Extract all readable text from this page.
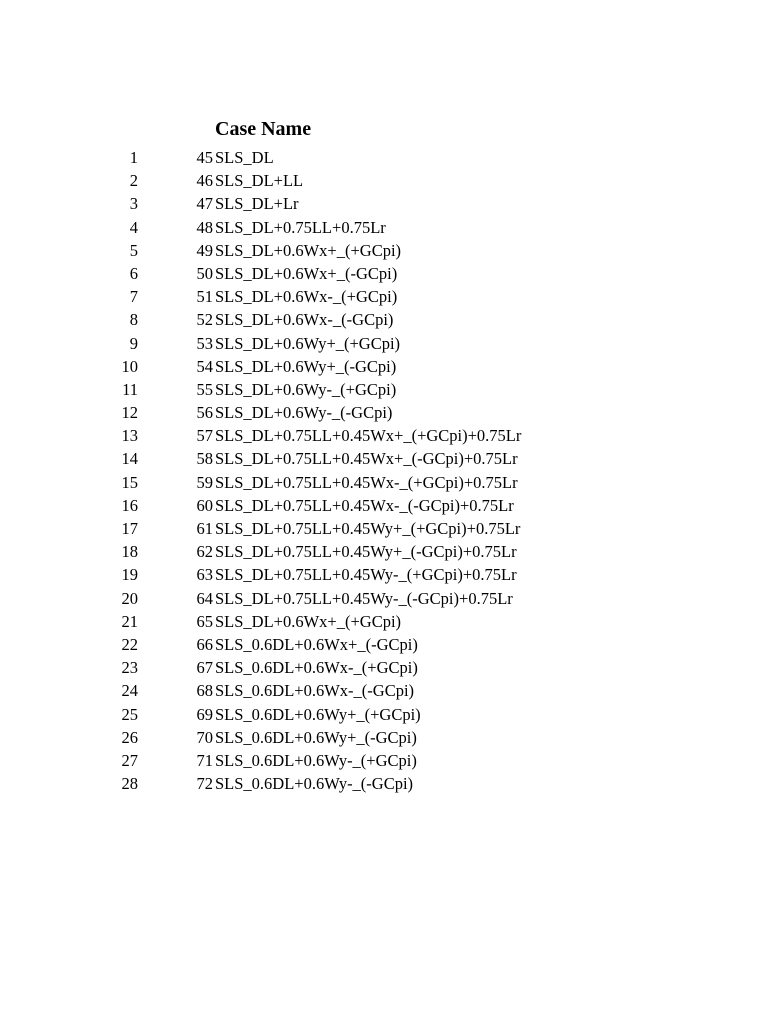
Case Name
1	45 SLS_DL
2	46 SLS_DL+LL
3	47 SLS_DL+Lr
4	48 SLS_DL+0.75LL+0.75Lr
5	49 SLS_DL+0.6Wx+_(+GCpi)
6	50 SLS_DL+0.6Wx+_(-GCpi)
7	51 SLS_DL+0.6Wx-_(+GCpi)
8	52 SLS_DL+0.6Wx-_(-GCpi)
9	53 SLS_DL+0.6Wy+_(+GCpi)
10	54 SLS_DL+0.6Wy+_(-GCpi)
11	55 SLS_DL+0.6Wy-_(+GCpi)
12	56 SLS_DL+0.6Wy-_(-GCpi)
13	57 SLS_DL+0.75LL+0.45Wx+_(+GCpi)+0.75Lr
14	58 SLS_DL+0.75LL+0.45Wx+_(-GCpi)+0.75Lr
15	59 SLS_DL+0.75LL+0.45Wx-_(+GCpi)+0.75Lr
16	60 SLS_DL+0.75LL+0.45Wx-_(-GCpi)+0.75Lr
17	61 SLS_DL+0.75LL+0.45Wy+_(+GCpi)+0.75Lr
18	62 SLS_DL+0.75LL+0.45Wy+_(-GCpi)+0.75Lr
19	63 SLS_DL+0.75LL+0.45Wy-_(+GCpi)+0.75Lr
20	64 SLS_DL+0.75LL+0.45Wy-_(-GCpi)+0.75Lr
21	65 SLS_DL+0.6Wx+_(+GCpi)
22	66 SLS_0.6DL+0.6Wx+_(-GCpi)
23	67 SLS_0.6DL+0.6Wx-_(+GCpi)
24	68 SLS_0.6DL+0.6Wx-_(-GCpi)
25	69 SLS_0.6DL+0.6Wy+_(+GCpi)
26	70 SLS_0.6DL+0.6Wy+_(-GCpi)
27	71 SLS_0.6DL+0.6Wy-_(+GCpi)
28	72 SLS_0.6DL+0.6Wy-_(-GCpi)
